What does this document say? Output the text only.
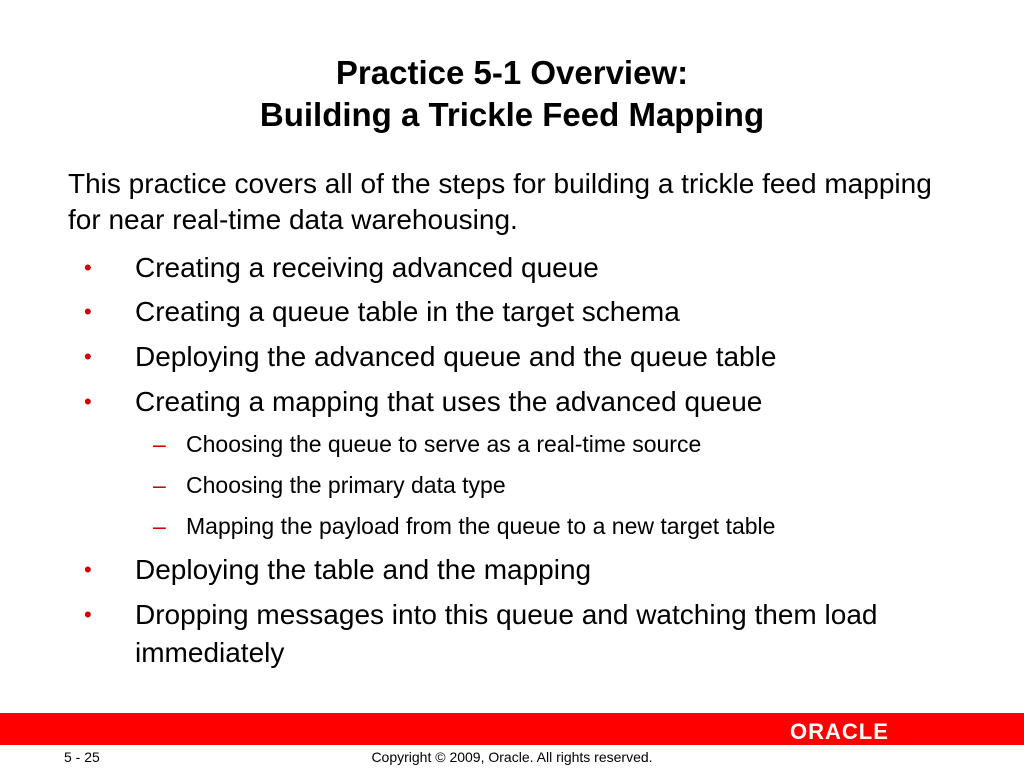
Practice 5-1 Overview:
Building a Trickle Feed Mapping
This practice covers all of the steps for building a trickle feed mapping for near real-time data warehousing.
•	Creating a receiving advanced queue
•	Creating a queue table in the target schema
•	Deploying the advanced queue and the queue table
•	Creating a mapping that uses the advanced queue
– Choosing the queue to serve as a real-time source
– Choosing the primary data type
– Mapping the payload from the queue to a new target table
•	Deploying the table and the mapping
•	Dropping messages into this queue and watching them load immediately
ORACLE
5 - 25	Copyright © 2009, Oracle. All rights reserved.
